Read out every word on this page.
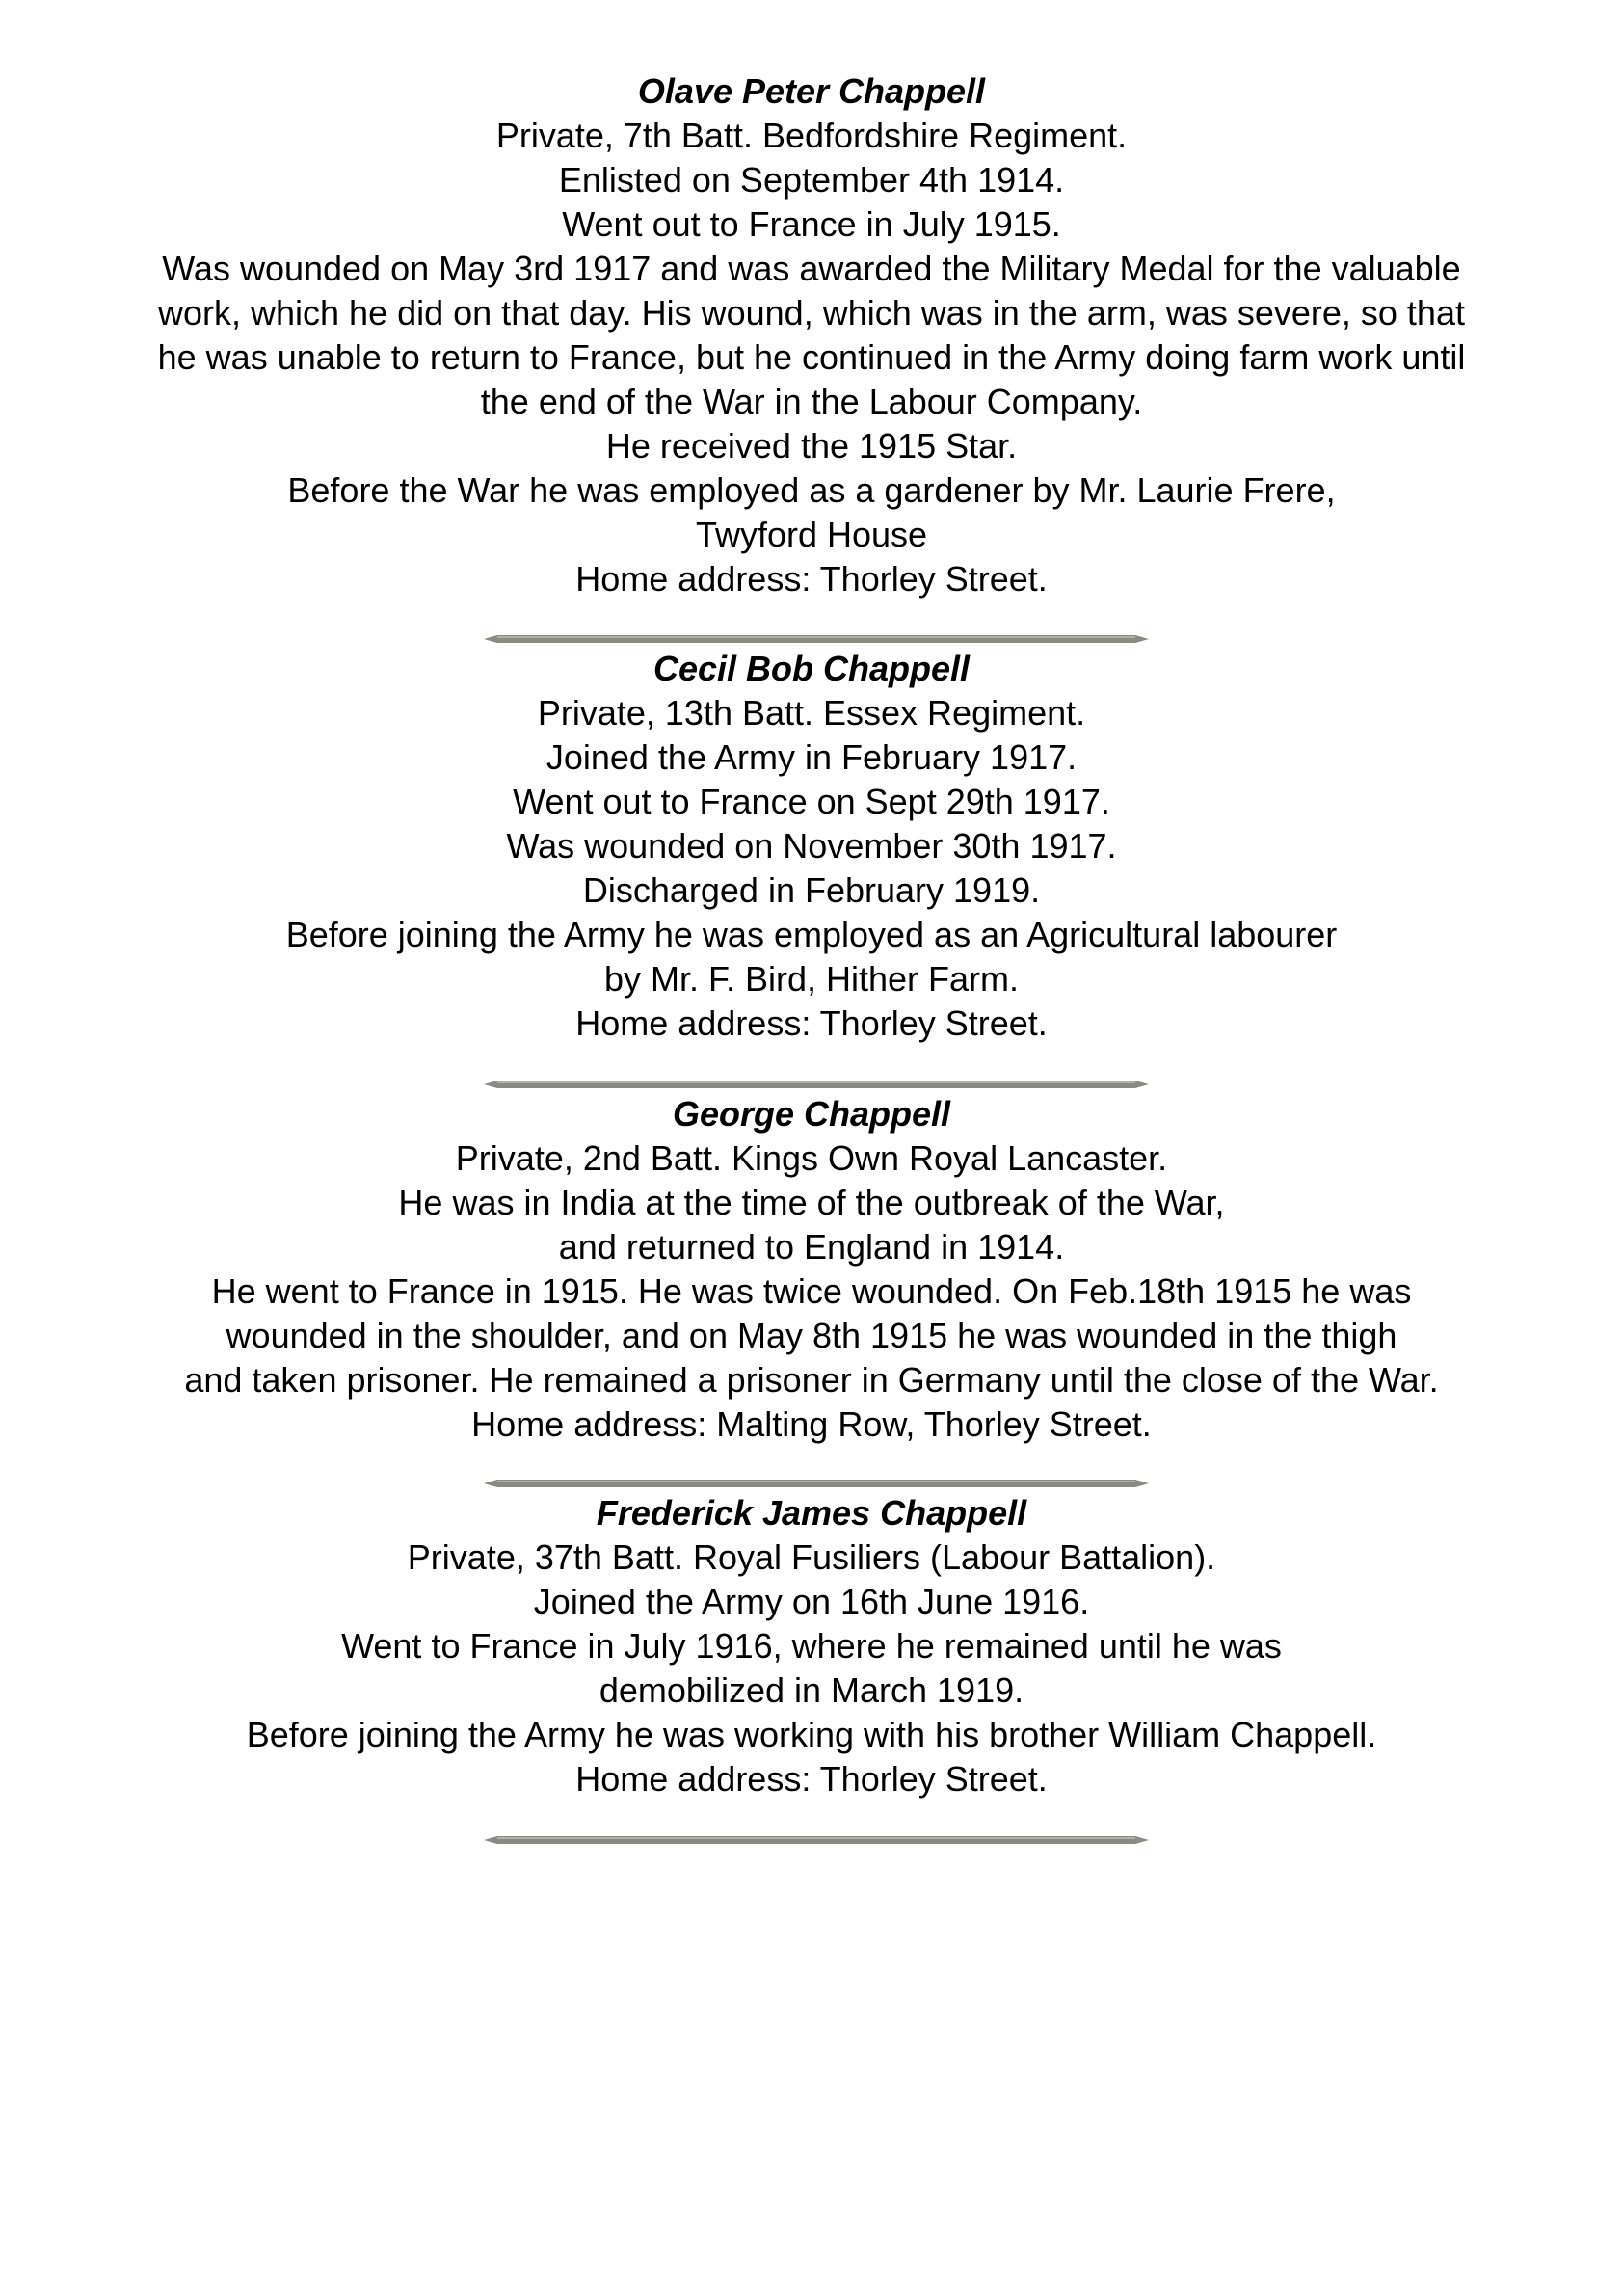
Olave Peter Chappell
Private, 7th Batt. Bedfordshire Regiment.
Enlisted on September 4th 1914.
Went out to France in July 1915.
Was wounded on May 3rd 1917 and was awarded the Military Medal for the valuable
work, which he did on that day. His wound, which was in the arm, was severe, so that
he was unable to return to France, but he continued in the Army doing farm work until
the end of the War in the Labour Company.
He received the 1915 Star.
Before the War he was employed as a gardener by Mr. Laurie Frere,
Twyford House
Home address: Thorley Street.
Cecil Bob Chappell
Private, 13th Batt. Essex Regiment.
Joined the Army in February 1917.
Went out to France on Sept 29th 1917.
Was wounded on November 30th 1917.
Discharged in February 1919.
Before joining the Army he was employed as an Agricultural labourer
by Mr. F. Bird, Hither Farm.
Home address: Thorley Street.
George Chappell
Private, 2nd Batt. Kings Own Royal Lancaster.
He was in India at the time of the outbreak of the War,
and returned to England in 1914.
He went to France in 1915. He was twice wounded. On Feb.18th 1915 he was
wounded in the shoulder, and on May 8th 1915 he was wounded in the thigh
and taken prisoner. He remained a prisoner in Germany until the close of the War.
Home address: Malting Row, Thorley Street.
Frederick James Chappell
Private, 37th Batt. Royal Fusiliers (Labour Battalion).
Joined the Army on 16th June 1916.
Went to France in July 1916, where he remained until he was
demobilized in March 1919.
Before joining the Army he was working with his brother William Chappell.
Home address: Thorley Street.
